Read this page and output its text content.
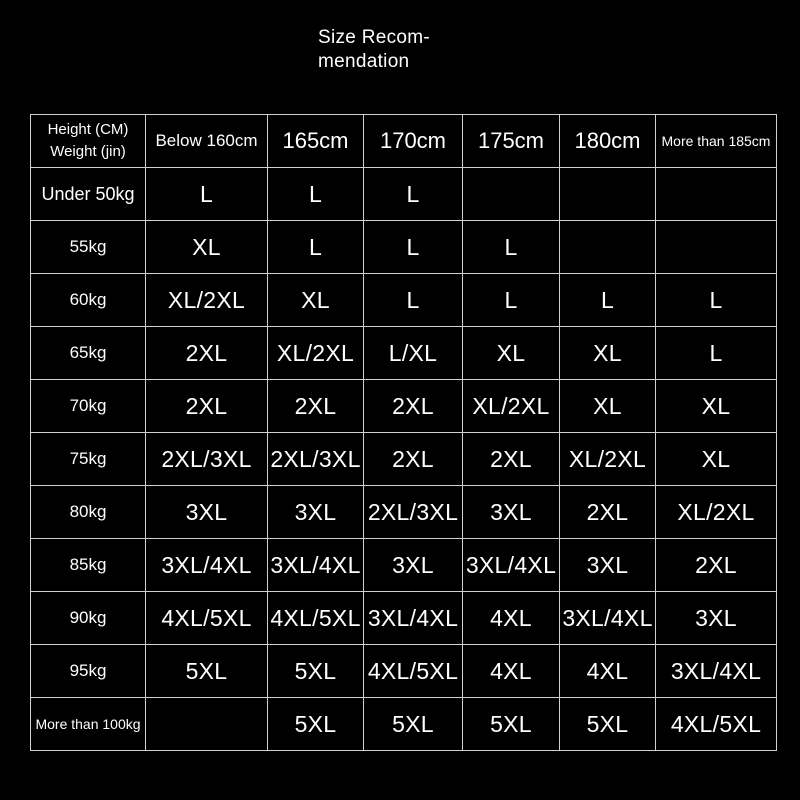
Size Recom-
mendation
Height (CM)
Weight (jin)	Below 160cm	165cm	170cm	175cm	180cm	More than 185cm
Under 50kg	L	L	L			
55kg	XL	L	L	L		
60kg	XL/2XL	XL	L	L	L	L
65kg	2XL	XL/2XL	L/XL	XL	XL	L
70kg	2XL	2XL	2XL	XL/2XL	XL	XL
75kg	2XL/3XL	2XL/3XL	2XL	2XL	XL/2XL	XL
80kg	3XL	3XL	2XL/3XL	3XL	2XL	XL/2XL
85kg	3XL/4XL	3XL/4XL	3XL	3XL/4XL	3XL	2XL
90kg	4XL/5XL	4XL/5XL	3XL/4XL	4XL	3XL/4XL	3XL
95kg	5XL	5XL	4XL/5XL	4XL	4XL	3XL/4XL
More than 100kg		5XL	5XL	5XL	5XL	4XL/5XL
